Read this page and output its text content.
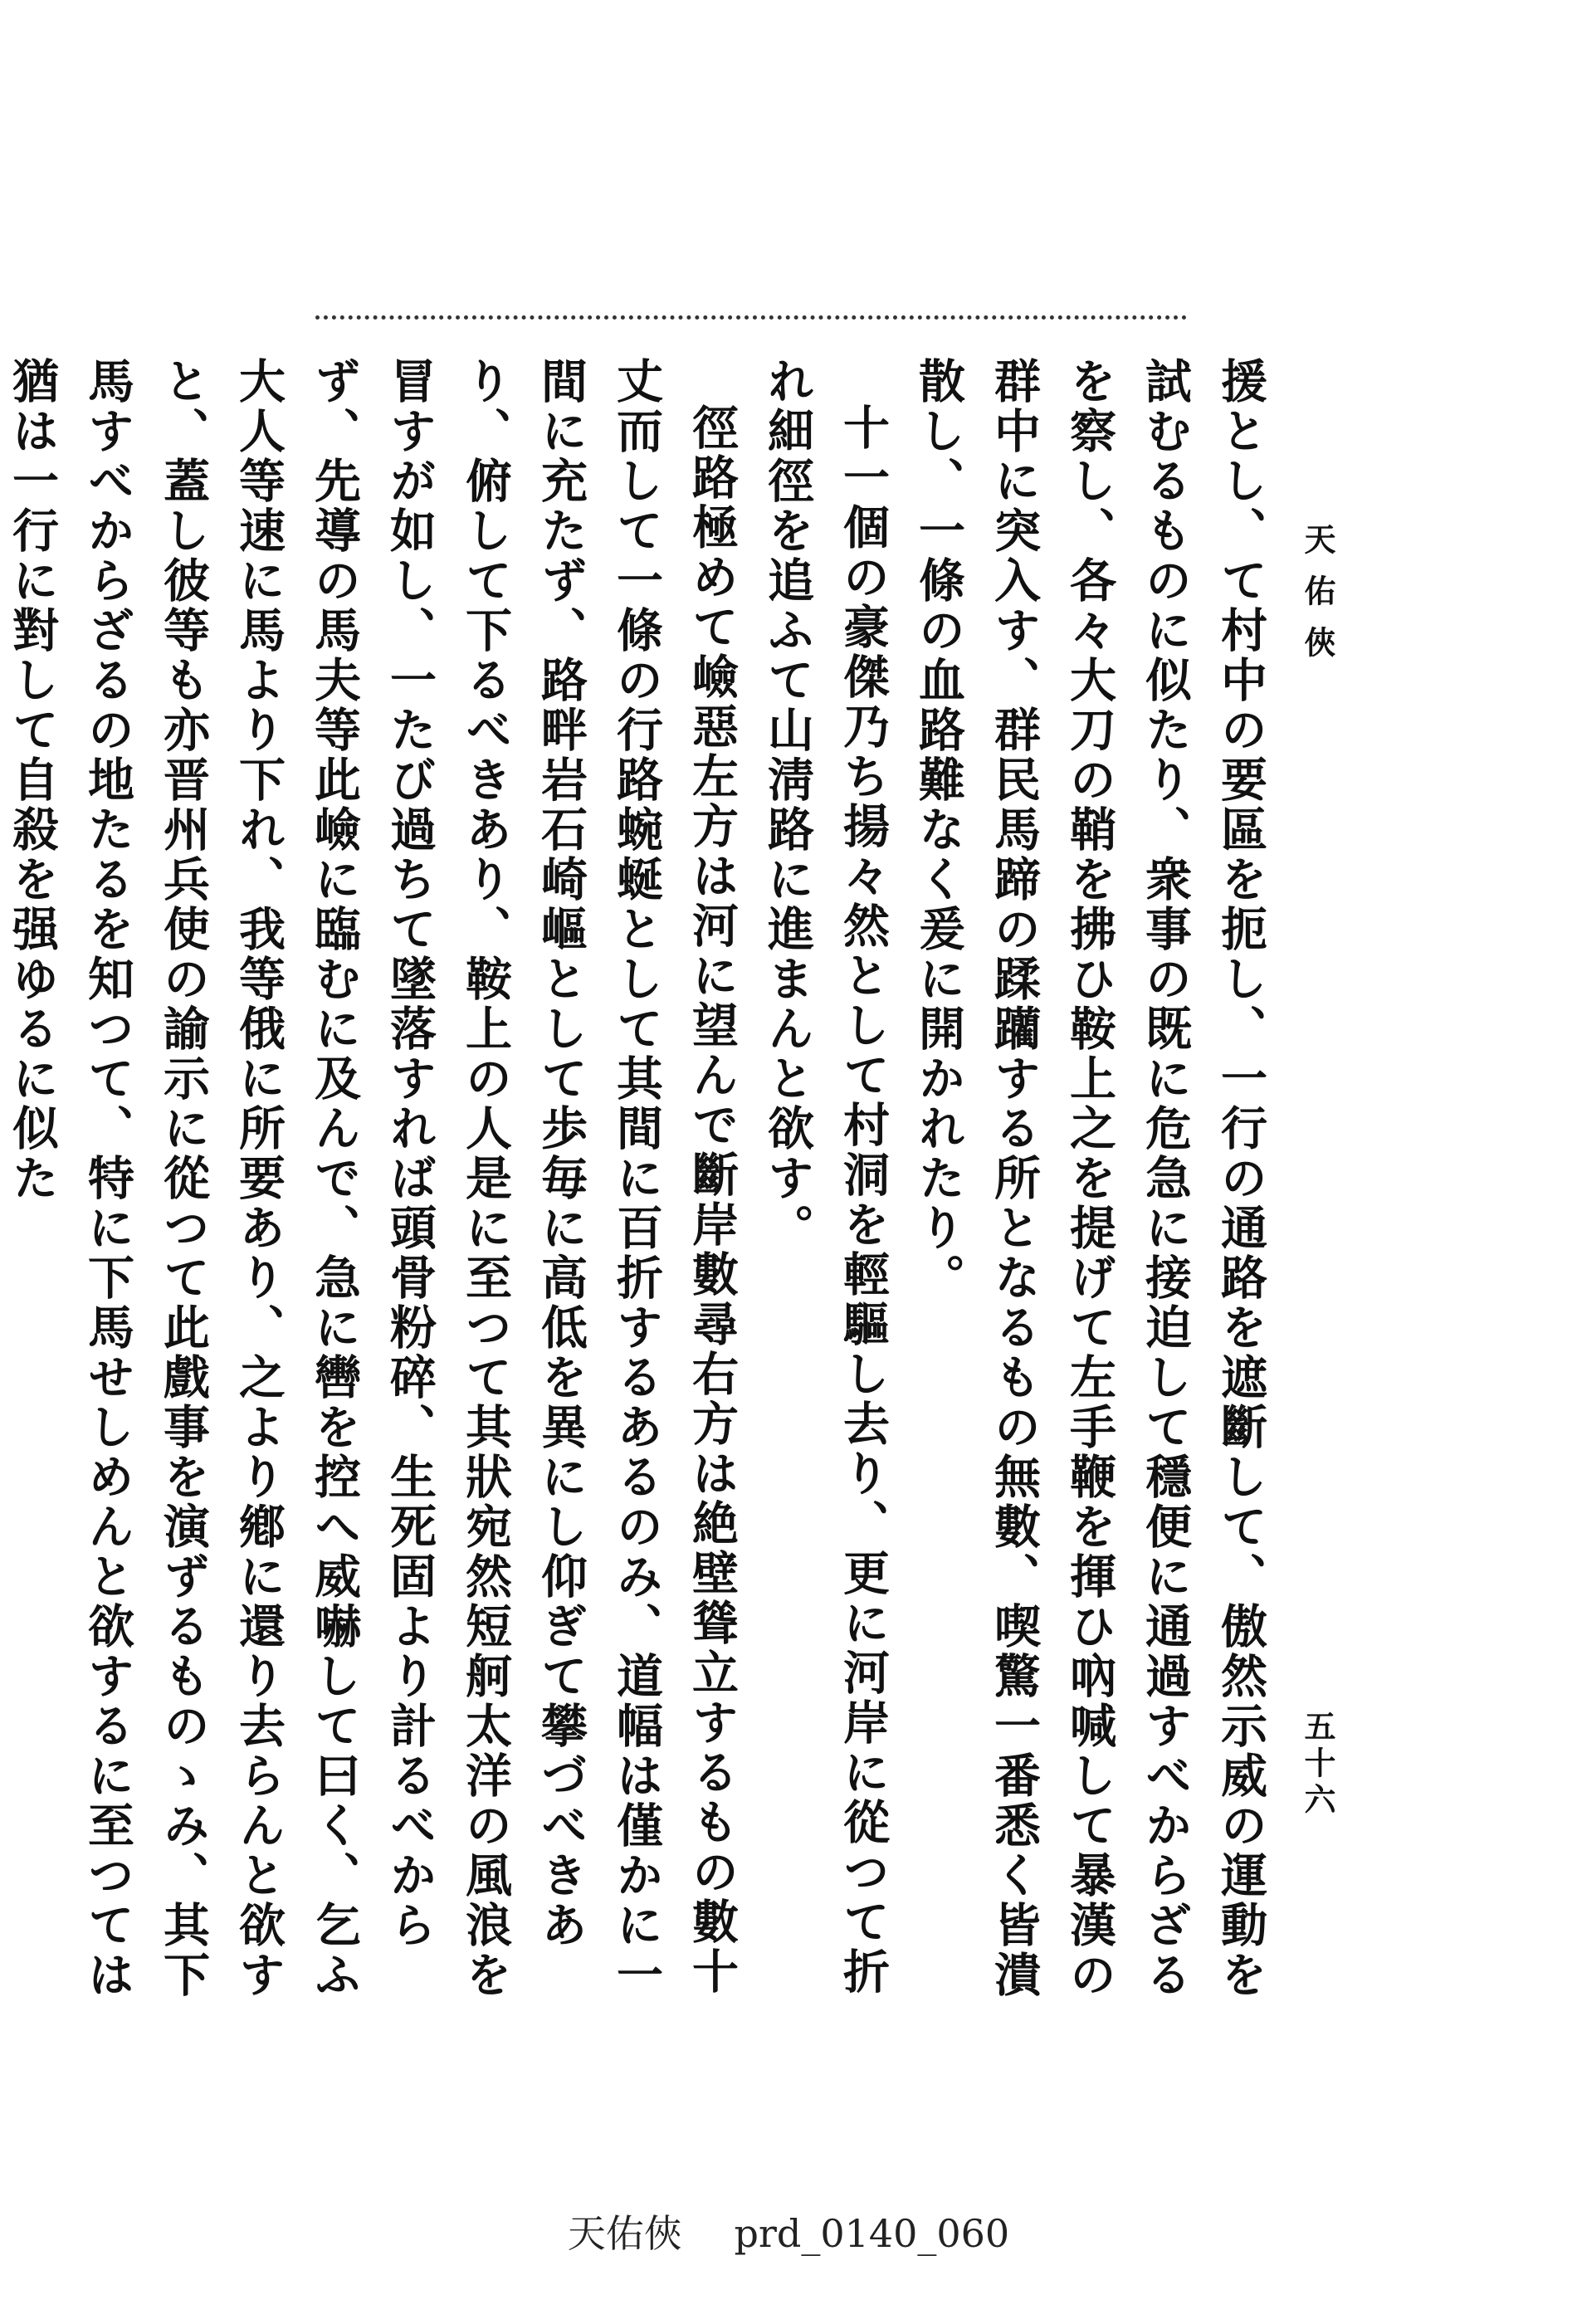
天佑俠
五十六

援とし、て村中の要區を扼し、一行の通路を遮斷して、傲然示威の運動を試むるものに似たり、衆事の既に危急に接迫して穩便に通過すべからざるを察し、各々大刀の鞘を拂ひ鞍上之を提げて左手鞭を揮ひ吶喊して暴漢の群中に突入す、群民馬蹄の蹂躪する所となるもの無數、喫驚一番悉く皆潰散し、一條の血路難なく爰に開かれたり。

十一個の豪傑乃ち揚々然として村洞を輕驅し去り、更に河岸に從つて折れ細徑を追ふて山淸路に進まんと欲す。

徑路極めて嶮惡左方は河に望んで斷岸數尋右方は絶壁聳立するもの數十丈而して一條の行路蜿蜒として其間に百折するあるのみ、道幅は僅かに一間に充たず、路畔岩石崎嶇として歩毎に高低を異にし仰ぎて攀づべきあり、俯して下るべきあり、鞍上の人是に至つて其狀宛然短舸太洋の風浪を冒すが如し、一たび過ちて墜落すれば頭骨粉碎、生死固より計るべからず、先導の馬夫等此嶮に臨むに及んで、急に轡を控へ威嚇して曰く、乞ふ大人等速に馬より下れ、我等俄に所要あり、之より鄕に還り去らんと欲すと、蓋し彼等も亦晋州兵使の諭示に從つて此戲事を演ずるものゝみ、其下馬すべからざるの地たるを知つて、特に下馬せしめんと欲するに至つては猶は一行に對して自殺を强ゆるに似た

天佑俠 prd_0140_060
